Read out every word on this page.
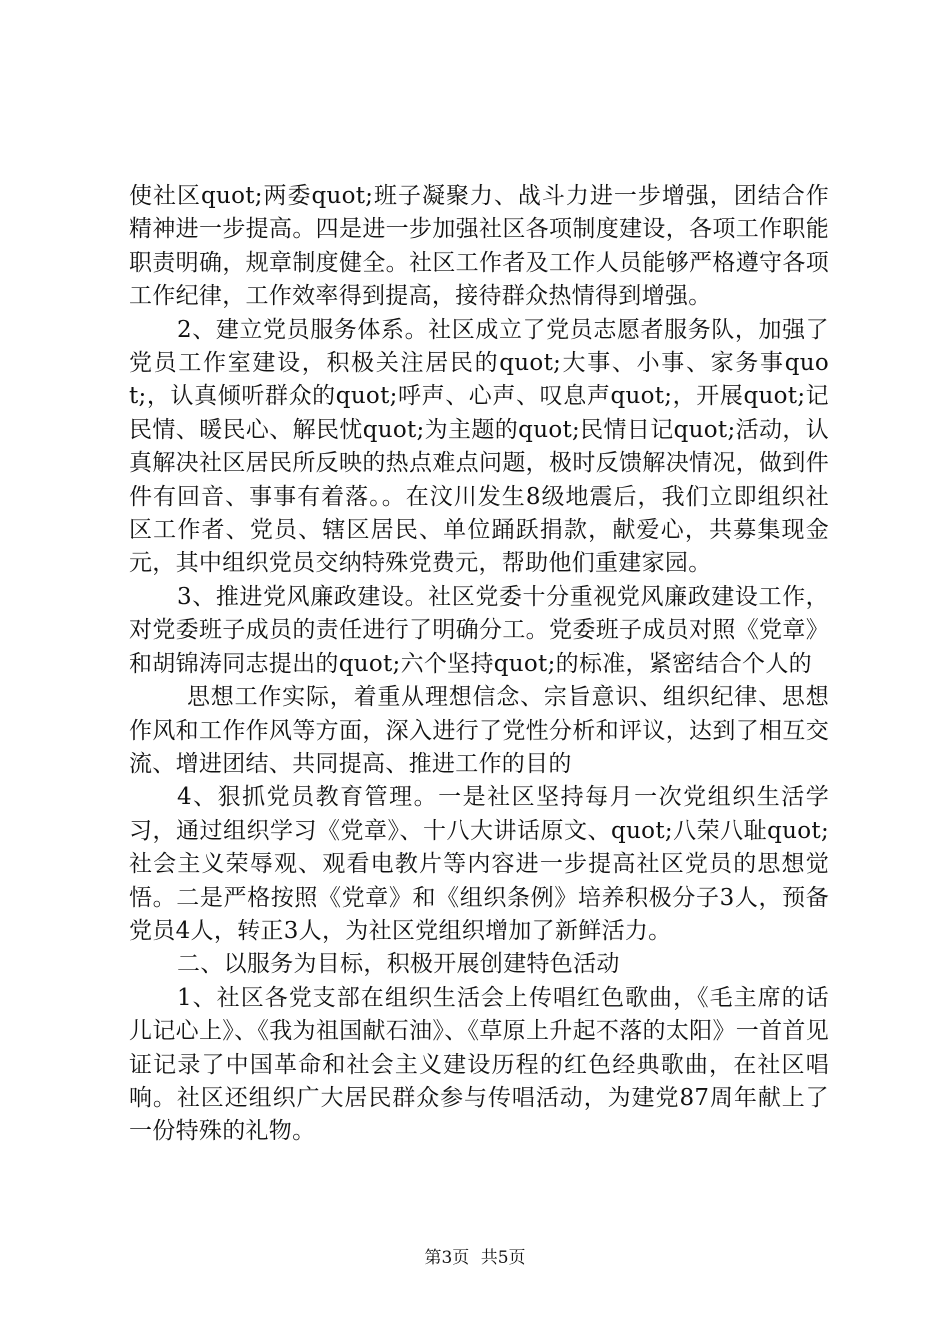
使社区quot;两委quot;班子凝聚力、战斗力进一步增强，团结合作精神进一步提高。四是进一步加强社区各项制度建设，各项工作职能职责明确，规章制度健全。社区工作者及工作人员能够严格遵守各项工作纪律，工作效率得到提高，接待群众热情得到增强。

2、建立党员服务体系。社区成立了党员志愿者服务队，加强了党员工作室建设，积极关注居民的quot;大事、小事、家务事quot;，认真倾听群众的quot;呼声、心声、叹息声quot;，开展quot;记民情、暖民心、解民忧quot;为主题的quot;民情日记quot;活动，认真解决社区居民所反映的热点难点问题，极时反馈解决情况，做到件件有回音、事事有着落。。在汶川发生8级地震后，我们立即组织社区工作者、党员、辖区居民、单位踊跃捐款，献爱心，共募集现金元，其中组织党员交纳特殊党费元，帮助他们重建家园。

3、推进党风廉政建设。社区党委十分重视党风廉政建设工作，对党委班子成员的责任进行了明确分工。党委班子成员对照《党章》和胡锦涛同志提出的quot;六个坚持quot;的标准，紧密结合个人的

思想工作实际，着重从理想信念、宗旨意识、组织纪律、思想作风和工作作风等方面，深入进行了党性分析和评议，达到了相互交流、增进团结、共同提高、推进工作的目的

4、狠抓党员教育管理。一是社区坚持每月一次党组织生活学习，通过组织学习《党章》、十八大讲话原文、quot;八荣八耻quot;社会主义荣辱观、观看电教片等内容进一步提高社区党员的思想觉悟。二是严格按照《党章》和《组织条例》培养积极分子3人，预备党员4人，转正3人，为社区党组织增加了新鲜活力。

二、以服务为目标，积极开展创建特色活动

1、社区各党支部在组织生活会上传唱红色歌曲，《毛主席的话儿记心上》、《我为祖国献石油》、《草原上升起不落的太阳》一首首见证记录了中国革命和社会主义建设历程的红色经典歌曲，在社区唱响。社区还组织广大居民群众参与传唱活动，为建党87周年献上了一份特殊的礼物。

第3页 共5页
